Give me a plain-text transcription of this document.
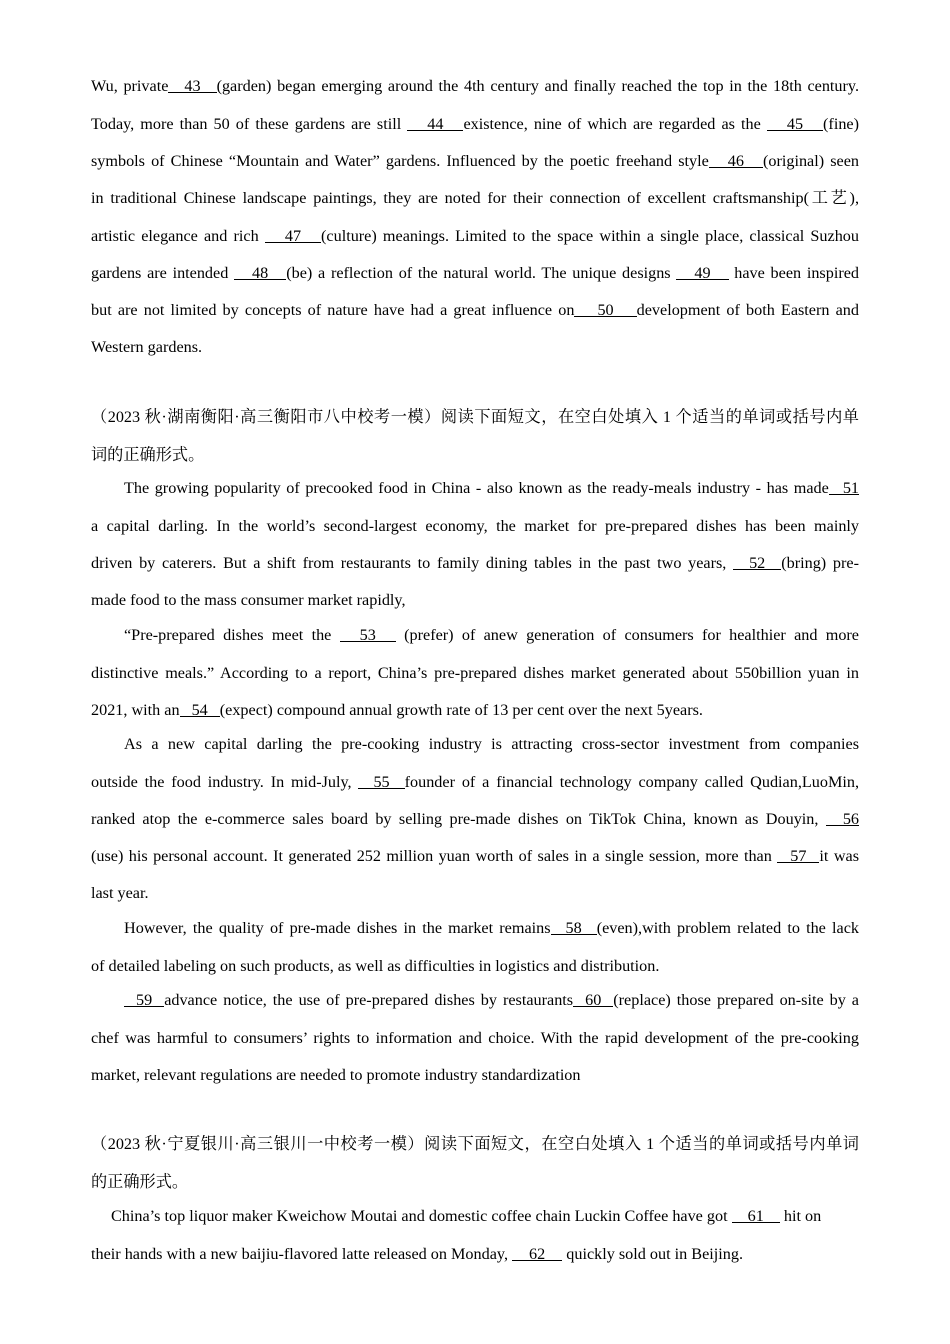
Wu, private 43 (garden) began emerging around the 4th century and finally reached the top in the 18th century.
Today, more than 50 of these gardens are still 44 existence, nine of which are regarded as the 45 (fine)
symbols of Chinese “Mountain and Water” gardens. Influenced by the poetic freehand style 46 (original) seen
in traditional Chinese landscape paintings, they are noted for their connection of excellent craftsmanship(工艺),
artistic elegance and rich 47 (culture) meanings. Limited to the space within a single place, classical Suzhou
gardens are intended 48 (be) a reflection of the natural world. The unique designs 49 have been inspired
but are not limited by concepts of nature have had a great influence on 50 development of both Eastern and
Western gardens.
（2023 秋·湖南衡阳·高三衡阳市八中校考一模）阅读下面短文，在空白处填入 1 个适当的单词或括号内单
词的正确形式。
The growing popularity of precooked food in China - also known as the ready-meals industry - has made 51
a capital darling. In the world’s second-largest economy, the market for pre-prepared dishes has been mainly
driven by caterers. But a shift from restaurants to family dining tables in the past two years, 52 (bring) pre-
made food to the mass consumer market rapidly,
“Pre-prepared dishes meet the 53 (prefer) of anew generation of consumers for healthier and more
distinctive meals.” According to a report, China’s pre-prepared dishes market generated about 550billion yuan in
2021, with an 54 (expect) compound annual growth rate of 13 per cent over the next 5years.
As a new capital darling the pre-cooking industry is attracting cross-sector investment from companies
outside the food industry. In mid-July, 55 founder of a financial technology company called Qudian,LuoMin,
ranked atop the e-commerce sales board by selling pre-made dishes on TikTok China, known as Douyin, 56
(use) his personal account. It generated 252 million yuan worth of sales in a single session, more than 57 it was
last year.
However, the quality of pre-made dishes in the market remains 58 (even),with problem related to the lack
of detailed labeling on such products, as well as difficulties in logistics and distribution.
59 advance notice, the use of pre-prepared dishes by restaurants 60 (replace) those prepared on-site by a
chef was harmful to consumers’ rights to information and choice. With the rapid development of the pre-cooking
market, relevant regulations are needed to promote industry standardization
（2023 秋·宁夏银川·高三银川一中校考一模）阅读下面短文，在空白处填入 1 个适当的单词或括号内单词
的正确形式。
China’s top liquor maker Kweichow Moutai and domestic coffee chain Luckin Coffee have got 61 hit on
their hands with a new baijiu-flavored latte released on Monday, 62 quickly sold out in Beijing.
